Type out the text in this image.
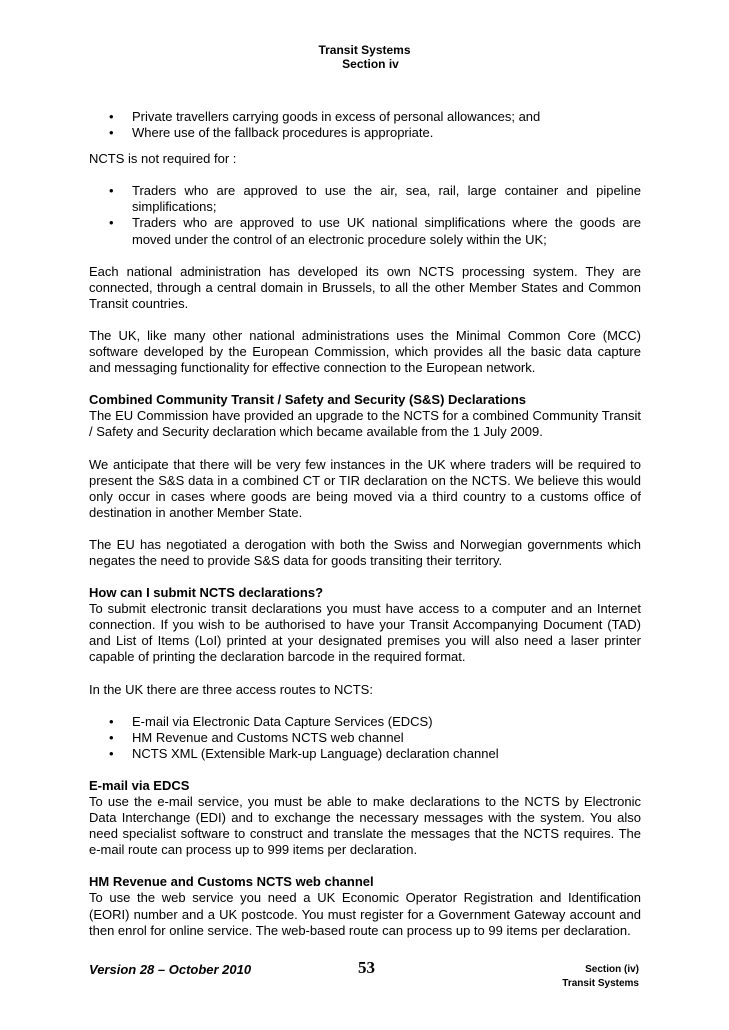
Transit Systems
Section iv
• Private travellers carrying goods in excess of personal allowances; and
• Where use of the fallback procedures is appropriate.

NCTS is not required for :

• Traders who are approved to use the air, sea, rail, large container and pipeline simplifications;
• Traders who are approved to use UK national simplifications where the goods are moved under the control of an electronic procedure solely within the UK;

Each national administration has developed its own NCTS processing system. They are connected, through a central domain in Brussels, to all the other Member States and Common Transit countries.

The UK, like many other national administrations uses the Minimal Common Core (MCC) software developed by the European Commission, which provides all the basic data capture and messaging functionality for effective connection to the European network.

Combined Community Transit / Safety and Security (S&S) Declarations
The EU Commission have provided an upgrade to the NCTS for a combined Community Transit / Safety and Security declaration which became available from the 1 July 2009.

We anticipate that there will be very few instances in the UK where traders will be required to present the S&S data in a combined CT or TIR declaration on the NCTS. We believe this would only occur in cases where goods are being moved via a third country to a customs office of destination in another Member State.

The EU has negotiated a derogation with both the Swiss and Norwegian governments which negates the need to provide S&S data for goods transiting their territory.

How can I submit NCTS declarations?
To submit electronic transit declarations you must have access to a computer and an Internet connection. If you wish to be authorised to have your Transit Accompanying Document (TAD) and List of Items (LoI) printed at your designated premises you will also need a laser printer capable of printing the declaration barcode in the required format.

In the UK there are three access routes to NCTS:

• E-mail via Electronic Data Capture Services (EDCS)
• HM Revenue and Customs NCTS web channel
• NCTS XML (Extensible Mark-up Language) declaration channel

E-mail via EDCS
To use the e-mail service, you must be able to make declarations to the NCTS by Electronic Data Interchange (EDI) and to exchange the necessary messages with the system. You also need specialist software to construct and translate the messages that the NCTS requires. The e-mail route can process up to 999 items per declaration.

HM Revenue and Customs NCTS web channel
To use the web service you need a UK Economic Operator Registration and Identification (EORI) number and a UK postcode. You must register for a Government Gateway account and then enrol for online service. The web-based route can process up to 99 items per declaration.

Version 28 – October 2010	53	Section (iv)
Transit Systems
